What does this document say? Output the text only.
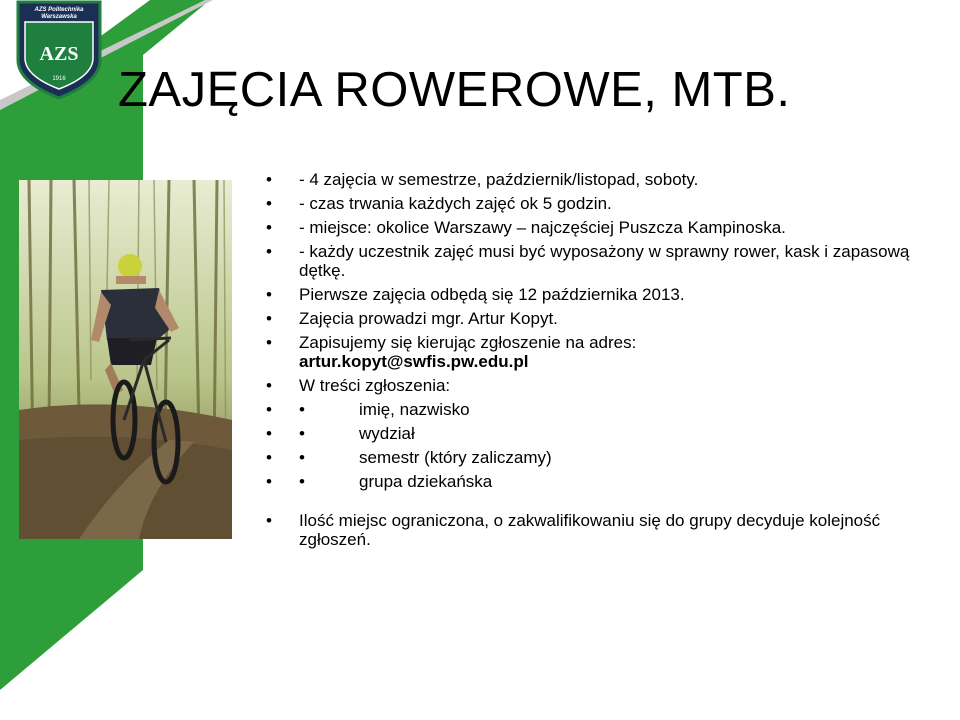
AZS Politechnika
Warszawska
AZS
1916 ZAJĘCIA ROWEROWE, MTB.
• - 4 zajęcia w semestrze, październik/listopad, soboty.
• - czas trwania każdych zajęć ok 5 godzin.
• - miejsce: okolice Warszawy – najczęściej Puszcza Kampinoska.
• - każdy uczestnik zajęć musi być wyposażony w sprawny rower, kask i zapasową dętkę.
• Pierwsze zajęcia odbędą się 12 października 2013.
• Zajęcia prowadzi mgr. Artur Kopyt.
• Zapisujemy się kierując zgłoszenie na adres:
artur.kopyt@swfis.pw.edu.pl
• W treści zgłoszenia:
• •	imię, nazwisko
• •	wydział
• •	semestr (który zaliczamy)
• •	grupa dziekańska
• Ilość miejsc ograniczona, o zakwalifikowaniu się do grupy decyduje kolejność zgłoszeń.
